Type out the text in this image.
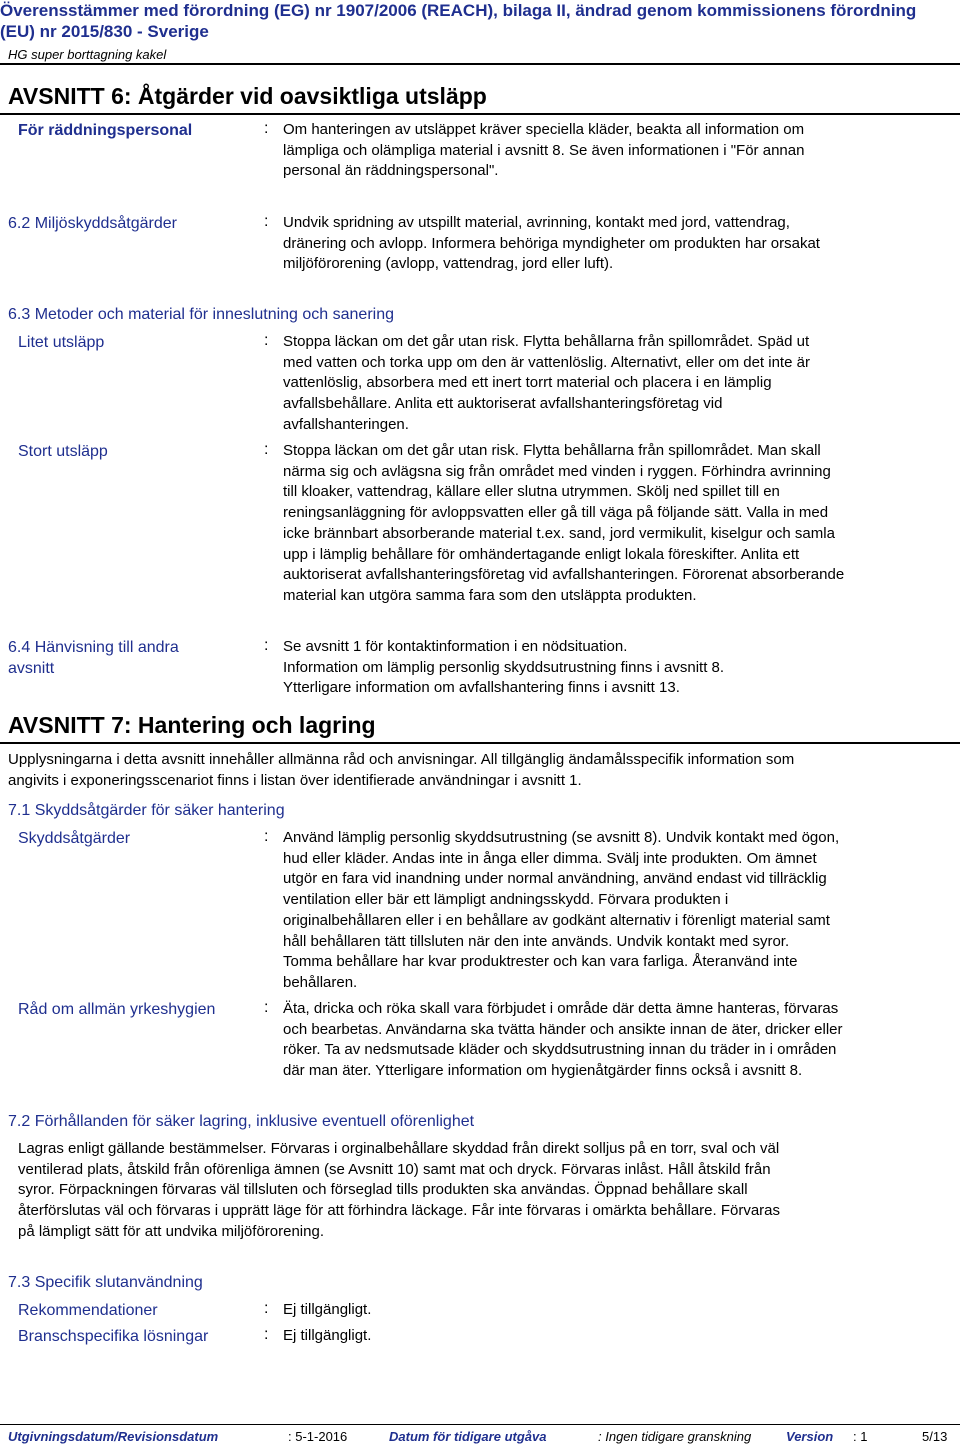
Överensstämmer med förordning (EG) nr 1907/2006 (REACH), bilaga II, ändrad genom kommissionens förordning
(EU) nr 2015/830 - Sverige
HG super borttagning kakel
AVSNITT 6: Åtgärder vid oavsiktliga utsläpp
För räddningspersonal	: Om hanteringen av utsläppet kräver speciella kläder, beakta all information om
lämpliga och olämpliga material i avsnitt 8. Se även informationen i "För annan
personal än räddningspersonal".
6.2 Miljöskyddsåtgärder	: Undvik spridning av utspillt material, avrinning, kontakt med jord, vattendrag,
dränering och avlopp. Informera behöriga myndigheter om produkten har orsakat
miljöförorening (avlopp, vattendrag, jord eller luft).
6.3 Metoder och material för inneslutning och sanering
Litet utsläpp	: Stoppa läckan om det går utan risk. Flytta behållarna från spillområdet. Späd ut
med vatten och torka upp om den är vattenlöslig. Alternativt, eller om det inte är
vattenlöslig, absorbera med ett inert torrt material och placera i en lämplig
avfallsbehållare. Anlita ett auktoriserat avfallshanteringsföretag vid
avfallshanteringen.
Stort utsläpp	: Stoppa läckan om det går utan risk. Flytta behållarna från spillområdet. Man skall
närma sig och avlägsna sig från området med vinden i ryggen. Förhindra avrinning
till kloaker, vattendrag, källare eller slutna utrymmen. Skölj ned spillet till en
reningsanläggning för avloppsvatten eller gå till väga på följande sätt. Valla in med
icke brännbart absorberande material t.ex. sand, jord vermikulit, kiselgur och samla
upp i lämplig behållare för omhändertagande enligt lokala föreskifter. Anlita ett
auktoriserat avfallshanteringsföretag vid avfallshanteringen. Förorenat absorberande
material kan utgöra samma fara som den utsläppta produkten.
6.4 Hänvisning till andra
avsnitt
: Se avsnitt 1 för kontaktinformation i en nödsituation.
Information om lämplig personlig skyddsutrustning finns i avsnitt 8.
Ytterligare information om avfallshantering finns i avsnitt 13.
AVSNITT 7: Hantering och lagring
Upplysningarna i detta avsnitt innehåller allmänna råd och anvisningar. All tillgänglig ändamålsspecifik information som
angivits i exponeringsscenariot finns i listan över identifierade användningar i avsnitt 1.
7.1 Skyddsåtgärder för säker hantering
Skyddsåtgärder	: Använd lämplig personlig skyddsutrustning (se avsnitt 8). Undvik kontakt med ögon,
hud eller kläder. Andas inte in ånga eller dimma. Svälj inte produkten. Om ämnet
utgör en fara vid inandning under normal användning, använd endast vid tillräcklig
ventilation eller bär ett lämpligt andningsskydd. Förvara produkten i
originalbehållaren eller i en behållare av godkänt alternativ i förenligt material samt
håll behållaren tätt tillsluten när den inte används. Undvik kontakt med syror.
Tomma behållare har kvar produktrester och kan vara farliga. Återanvänd inte
behållaren.
Råd om allmän yrkeshygien	: Äta, dricka och röka skall vara förbjudet i område där detta ämne hanteras, förvaras
och bearbetas. Användarna ska tvätta händer och ansikte innan de äter, dricker eller
röker. Ta av nedsmutsade kläder och skyddsutrustning innan du träder in i områden
där man äter. Ytterligare information om hygienåtgärder finns också i avsnitt 8.
7.2 Förhållanden för säker lagring, inklusive eventuell oförenlighet
Lagras enligt gällande bestämmelser. Förvaras i orginalbehållare skyddad från direkt solljus på en torr, sval och väl
ventilerad plats, åtskild från oförenliga ämnen (se Avsnitt 10) samt mat och dryck. Förvaras inlåst. Håll åtskild från
syror. Förpackningen förvaras väl tillsluten och förseglad tills produkten ska användas. Öppnad behållare skall
återförslutas väl och förvaras i upprätt läge för att förhindra läckage. Får inte förvaras i omärkta behållare. Förvaras
på lämpligt sätt för att undvika miljöförorening.
7.3 Specifik slutanvändning
Rekommendationer	: Ej tillgängligt.
Branschspecifika lösningar	: Ej tillgängligt.
Utgivningsdatum/Revisionsdatum	: 5-1-2016	Datum för tidigare utgåva	: Ingen tidigare granskning	Version : 1	5/13
